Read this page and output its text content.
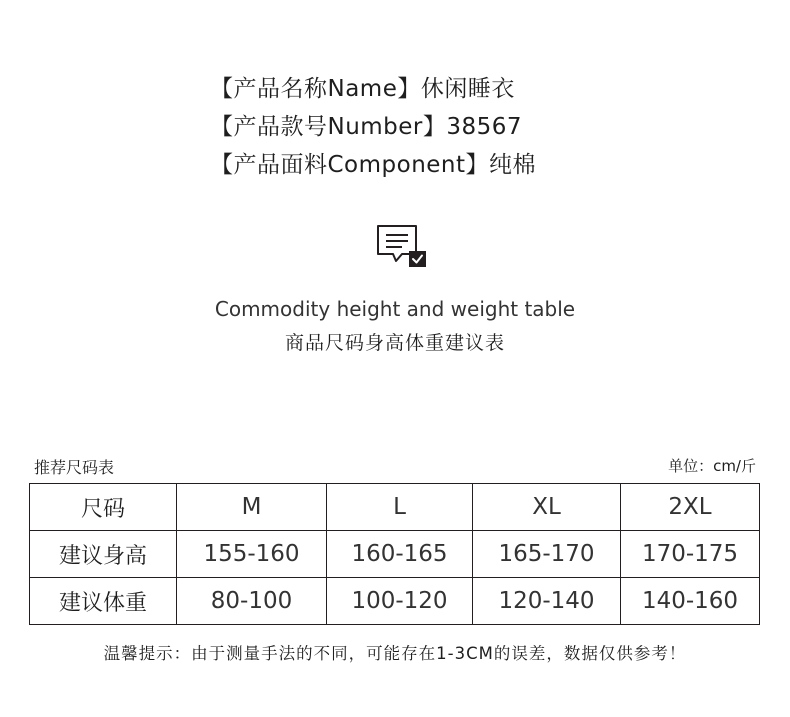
【产品名称Name】休闲睡衣
【产品款号Number】38567
【产品面料Component】纯棉
Commodity height and weight table
商品尺码身高体重建议表
推荐尺码表	单位：cm/斤
尺码	M	L	XL	2XL
建议身高	155-160	160-165	165-170	170-175
建议体重	80-100	100-120	120-140	140-160
温馨提示：由于测量手法的不同，可能存在1-3CM的误差，数据仅供参考！
